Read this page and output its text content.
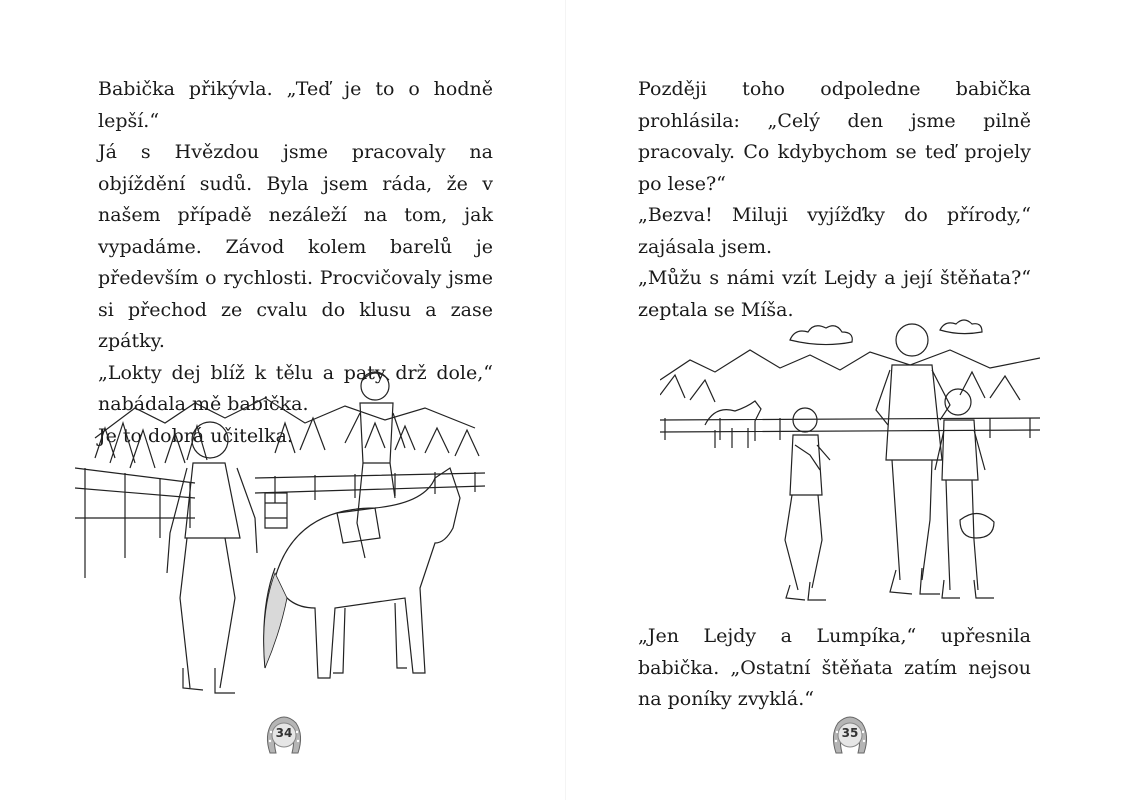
Babička přikývla. „Teď je to o hodně lepší.“

Já s Hvězdou jsme pracovaly na objíždění sudů. Byla jsem ráda, že v našem případě nezáleží na tom, jak vypadáme. Závod kolem barelů je především o rychlosti. Procvičovaly jsme si přechod ze cvalu do klusu a zase zpátky.

„Lokty dej blíž k tělu a paty drž dole,“ nabádala mě babička.

Je to dobrá učitelka.

34

Později toho odpoledne babička prohlásila: „Celý den jsme pilně pracovaly. Co kdybychom se teď projely po lese?“

„Bezva! Miluji vyjížďky do přírody,“ zajásala jsem.

„Můžu s námi vzít Lejdy a její štěňata?“ zeptala se Míša.

„Jen Lejdy a Lumpíka,“ upřesnila babička. „Ostatní štěňata zatím nejsou na poníky zvyklá.“

35
